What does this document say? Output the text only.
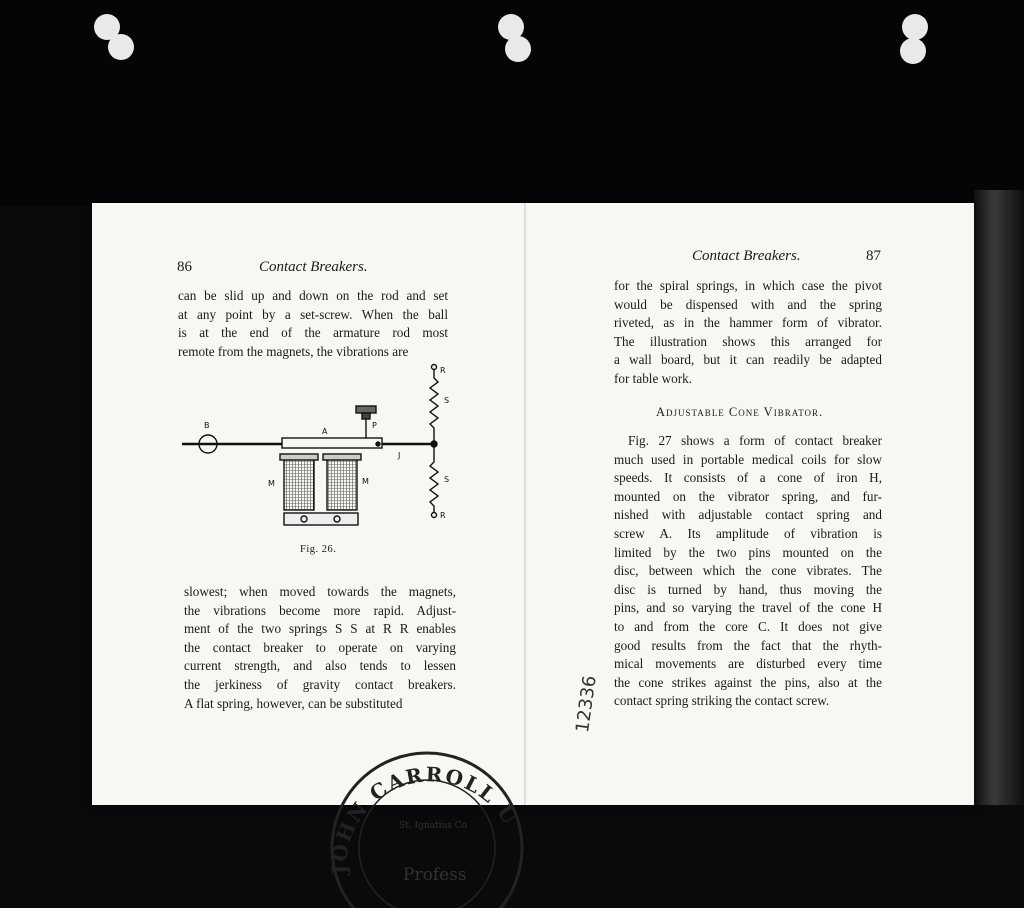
86	Contact Breakers.
can be slid up and down on the rod and set
at any point by a set-screw. When the ball
is at the end of the armature rod most
remote from the magnets, the vibrations are
B
A
P
J
R
S
S
R
M	M
Fig. 26.
slowest; when moved towards the magnets,
the vibrations become more rapid. Adjust-
ment of the two springs S S at R R enables
the contact breaker to operate on varying
current strength, and also tends to lessen
the jerkiness of gravity contact breakers.
A flat spring, however, can be substituted
JOHN CARROLL U
St. Ignatius Co
Profess
Contact Breakers.	87
for the spiral springs, in which case the pivot
would be dispensed with and the spring
riveted, as in the hammer form of vibrator.
The illustration shows this arranged for
a wall board, but it can readily be adapted
for table work.
Adjustable Cone Vibrator.
Fig. 27 shows a form of contact breaker
much used in portable medical coils for slow
speeds. It consists of a cone of iron H,
mounted on the vibrator spring, and fur-
nished with adjustable contact spring and
screw A. Its amplitude of vibration is
limited by the two pins mounted on the
disc, between which the cone vibrates. The
disc is turned by hand, thus moving the
pins, and so varying the travel of the cone H
to and from the core C. It does not give
good results from the fact that the rhyth-
mical movements are disturbed every time
the cone strikes against the pins, also at the
contact spring striking the contact screw.
12336
